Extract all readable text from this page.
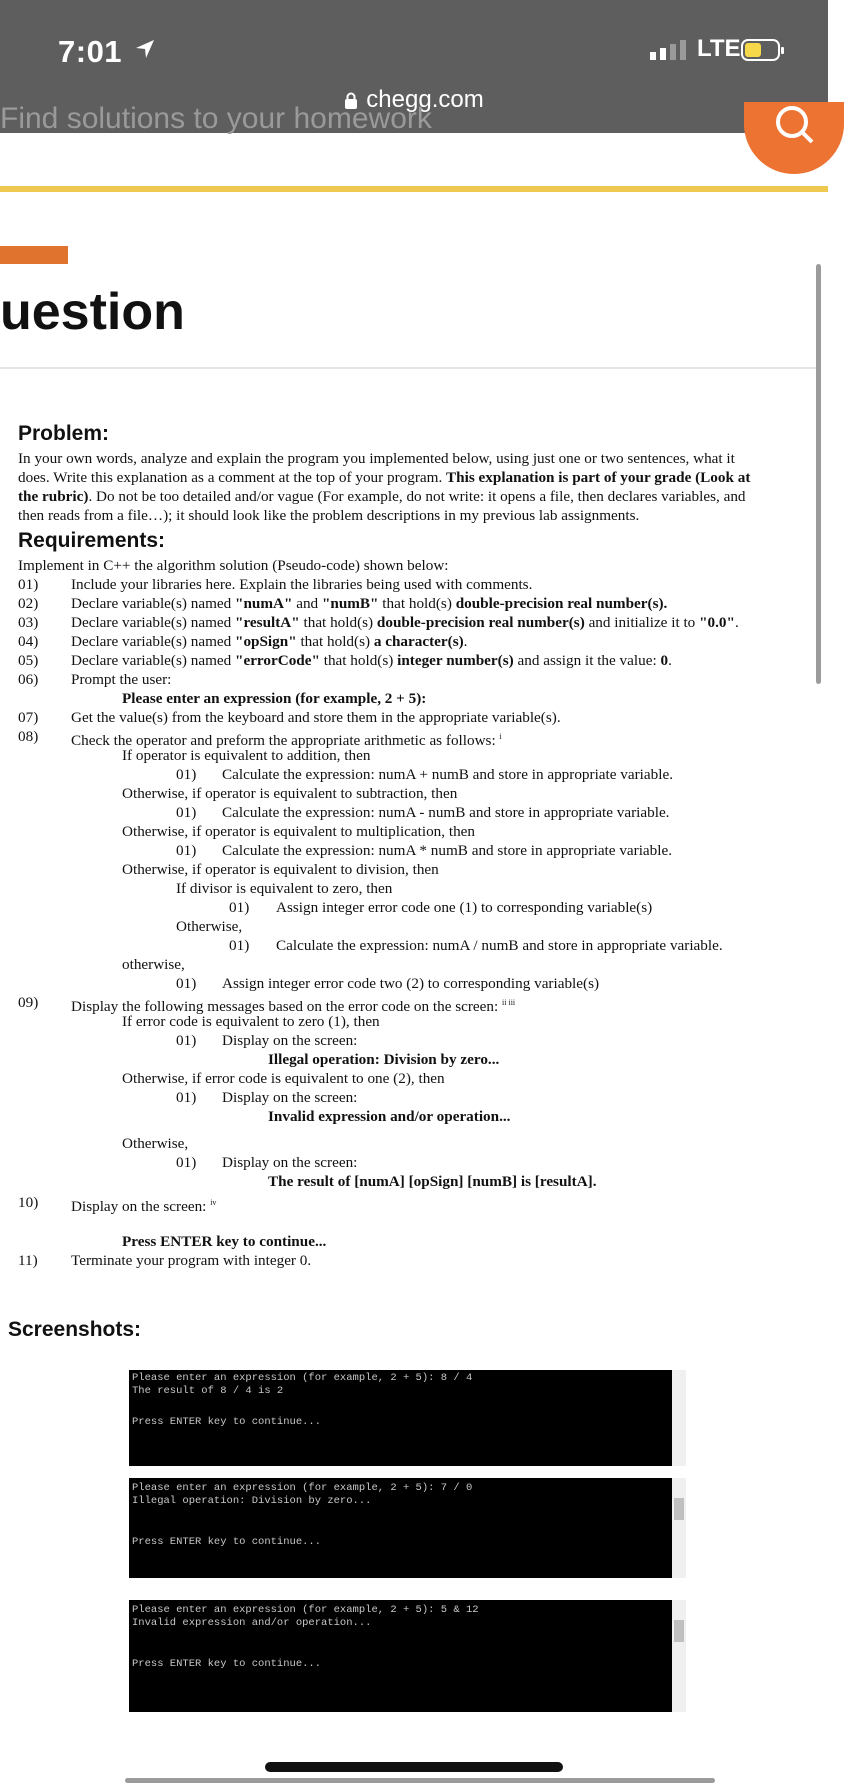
7:01	LTE
chegg.com
Find solutions to your homework
uestion

Problem:

In your own words, analyze and explain the program you implemented below, using just one or two sentences, what it

does. Write this explanation as a comment at the top of your program. This explanation is part of your grade (Look at

the rubric). Do not be too detailed and/or vague (For example, do not write: it opens a file, then declares variables, and

then reads from a file…); it should look like the problem descriptions in my previous lab assignments.

Requirements:

Implement in C++ the algorithm solution (Pseudo-code) shown below:

01) Include your libraries here. Explain the libraries being used with comments.
02) Declare variable(s) named "numA" and "numB" that hold(s) double-precision real number(s).
03) Declare variable(s) named "resultA" that hold(s) double-precision real number(s) and initialize it to "0.0".
04) Declare variable(s) named "opSign" that hold(s) a character(s).
05) Declare variable(s) named "errorCode" that hold(s) integer number(s) and assign it the value: 0.
06) Prompt the user:
Please enter an expression (for example, 2 + 5):
07) Get the value(s) from the keyboard and store them in the appropriate variable(s).
08) Check the operator and preform the appropriate arithmetic as follows: $^i$
If operator is equivalent to addition, then
01) Calculate the expression: numA + numB and store in appropriate variable.
Otherwise, if operator is equivalent to subtraction, then
01) Calculate the expression: numA - numB and store in appropriate variable.
Otherwise, if operator is equivalent to multiplication, then
01) Calculate the expression: numA * numB and store in appropriate variable.
Otherwise, if operator is equivalent to division, then
If divisor is equivalent to zero, then
01) Assign integer error code one (1) to corresponding variable(s)
Otherwise,
01) Calculate the expression: numA / numB and store in appropriate variable.
otherwise,
01) Assign integer error code two (2) to corresponding variable(s)
09) Display the following messages based on the error code on the screen: $^{ii iii}$
If error code is equivalent to zero (1), then
01) Display on the screen:
Illegal operation: Division by zero...
Otherwise, if error code is equivalent to one (2), then
01) Display on the screen:
Invalid expression and/or operation...
Otherwise,
01) Display on the screen:
The result of [numA] [opSign] [numB] is [resultA].
10) Display on the screen: $^{iv}$
Press ENTER key to continue...
11) Terminate your program with integer 0.
Screenshots:
Please enter an expression (for example, 2 + 5): 8 / 4
The result of 8 / 4 is 2
Press ENTER key to continue...
Please enter an expression (for example, 2 + 5): 7 / 0
Illegal operation: Division by zero...
Press ENTER key to continue...
Please enter an expression (for example, 2 + 5): 5 & 12
Invalid expression and/or operation...
Press ENTER key to continue...
